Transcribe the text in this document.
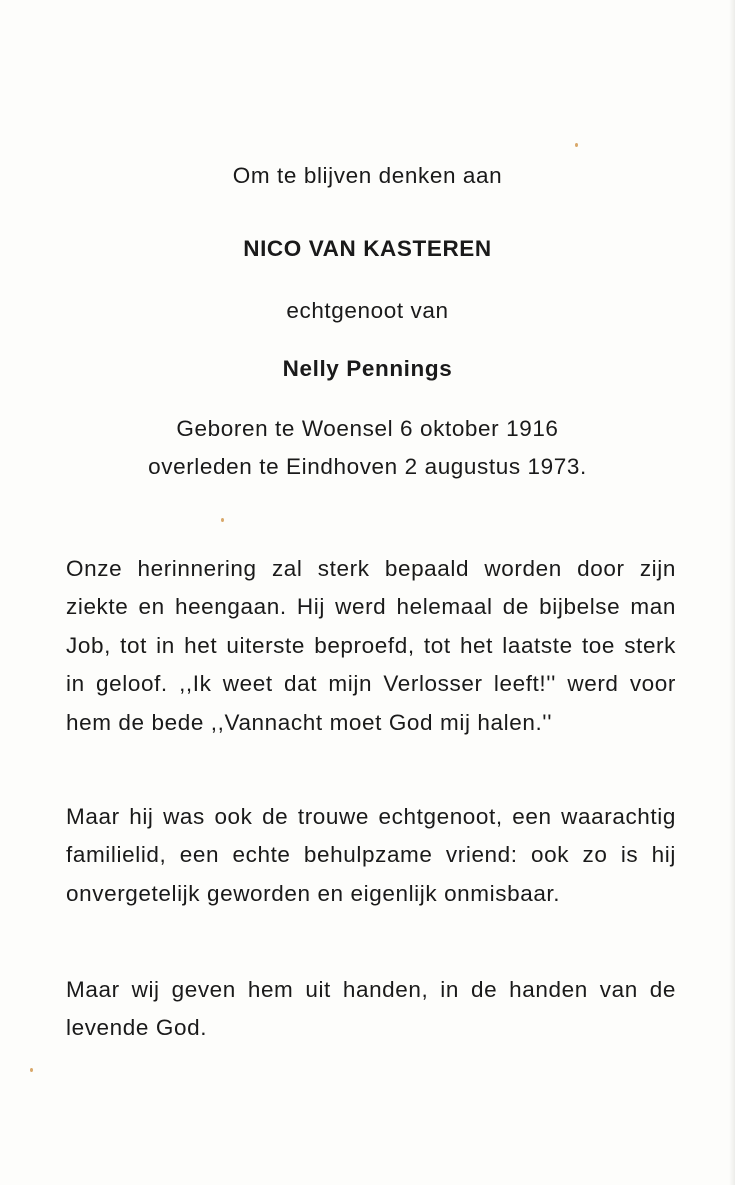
Om te blijven denken aan

NICO VAN KASTEREN

echtgenoot van

Nelly Pennings

Geboren te Woensel 6 oktober 1916

overleden te Eindhoven 2 augustus 1973.

Onze herinnering zal sterk bepaald worden door zijn ziekte en heengaan. Hij werd helemaal de bijbelse man Job, tot in het uiterste beproefd, tot het laatste toe sterk in geloof. ,,Ik weet dat mijn Verlosser leeft!'' werd voor hem de bede ,,Vannacht moet God mij halen.''

Maar hij was ook de trouwe echtgenoot, een waarachtig familielid, een echte behulpzame vriend: ook zo is hij onvergetelijk geworden en eigenlijk onmisbaar.

Maar wij geven hem uit handen, in de handen van de levende God.
